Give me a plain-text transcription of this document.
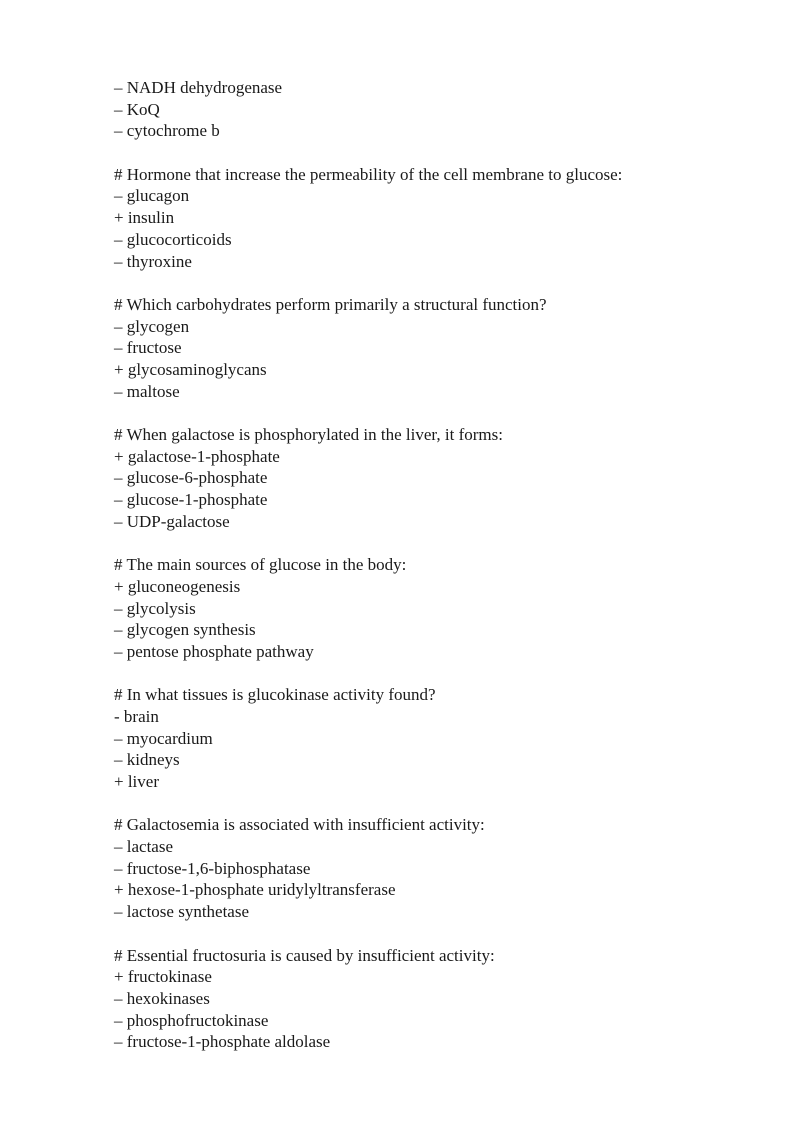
– NADH dehydrogenase
– KoQ
– cytochrome b
# Hormone that increase the permeability of the cell membrane to glucose:
– glucagon
+ insulin
– glucocorticoids
– thyroxine
# Which carbohydrates perform primarily a structural function?
– glycogen
– fructose
+ glycosaminoglycans
– maltose
# When galactose is phosphorylated in the liver, it forms:
+ galactose-1-phosphate
– glucose-6-phosphate
– glucose-1-phosphate
– UDP-galactose
# The main sources of glucose in the body:
+ gluconeogenesis
– glycolysis
– glycogen synthesis
– pentose phosphate pathway
# In what tissues is glucokinase activity found?
- brain
– myocardium
– kidneys
+ liver
# Galactosemia is associated with insufficient activity:
– lactase
– fructose-1,6-biphosphatase
+ hexose-1-phosphate uridylyltransferase
– lactose synthetase
# Essential fructosuria is caused by insufficient activity:
+ fructokinase
– hexokinases
– phosphofructokinase
– fructose-1-phosphate aldolase
